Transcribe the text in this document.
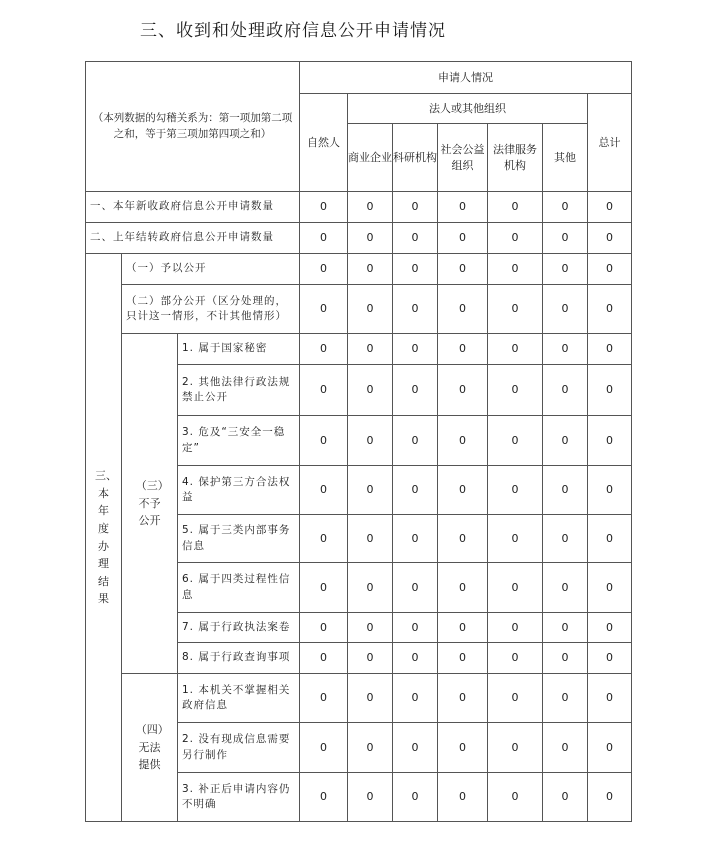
三、收到和处理政府信息公开申请情况
（本列数据的勾稽关系为：第一项加第二项之和，等于第三项加第四项之和）			申请人情况						
			自然人	法人或其他组织					总计
				商业企业	科研机构	社会公益组织	法律服务机构	其他	
一、本年新收政府信息公开申请数量			0	0	0	0	0	0	0
二、上年结转政府信息公开申请数量			0	0	0	0	0	0	0
三、本年度办理结果	（一）予以公开		0	0	0	0	0	0	0
	（二）部分公开（区分处理的，只计这一情形，不计其他情形）		0	0	0	0	0	0	0
	（三）不予公开	1. 属于国家秘密	0	0	0	0	0	0	0
		2. 其他法律行政法规禁止公开	0	0	0	0	0	0	0
		3. 危及“三安全一稳定”	0	0	0	0	0	0	0
		4. 保护第三方合法权益	0	0	0	0	0	0	0
		5. 属于三类内部事务信息	0	0	0	0	0	0	0
		6. 属于四类过程性信息	0	0	0	0	0	0	0
		7. 属于行政执法案卷	0	0	0	0	0	0	0
		8. 属于行政查询事项	0	0	0	0	0	0	0
	（四）无法提供	1. 本机关不掌握相关政府信息	0	0	0	0	0	0	0
		2. 没有现成信息需要另行制作	0	0	0	0	0	0	0
		3. 补正后申请内容仍不明确	0	0	0	0	0	0	0
